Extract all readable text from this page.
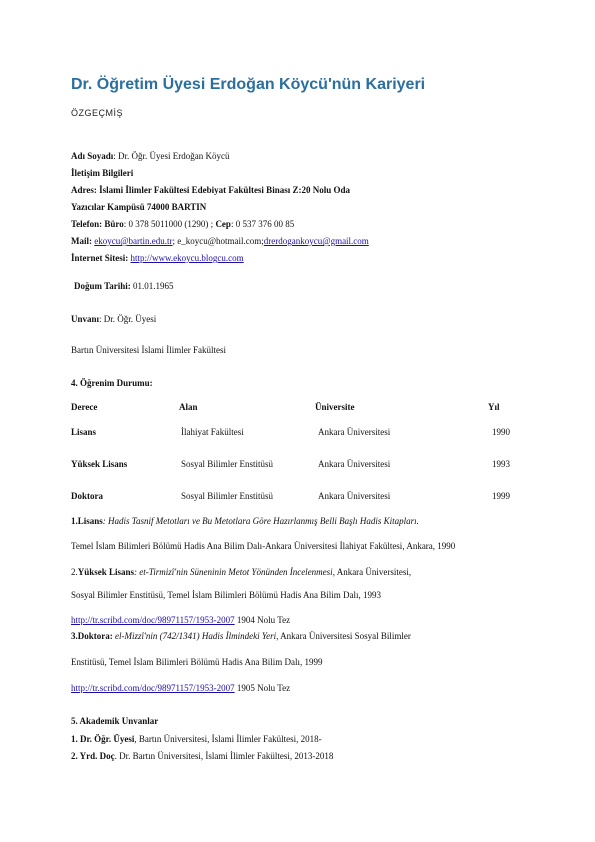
Dr. Öğretim Üyesi Erdoğan Köycü'nün Kariyeri
ÖZGEÇMİŞ
Adı Soyadı: Dr. Öğr. Üyesi Erdoğan Köycü
İletişim Bilgileri
Adres: İslami İlimler Fakültesi Edebiyat Fakültesi Binası Z:20 Nolu Oda
Yazıcılar Kampüsü 74000 BARTIN
Telefon: Büro: 0 378 5011000 (1290) ; Cep: 0 537 376 00 85
Mail: ekoycu@bartin.edu.tr; e_koycu@hotmail.com;drerdogankoycu@gmail.com
İnternet Sitesi: http://www.ekoycu.blogcu.com
Doğum Tarihi: 01.01.1965
Unvanı: Dr. Öğr. Üyesi
Bartın Üniversitesi İslami İlimler Fakültesi
4. Öğrenim Durumu:
Derece	Alan	Üniversite	Yıl
Lisans	İlahiyat Fakültesi	Ankara Üniversitesi	1990
Yüksek Lisans	Sosyal Bilimler Enstitüsü	Ankara Üniversitesi	1993
Doktora	Sosyal Bilimler Enstitüsü	Ankara Üniversitesi	1999
1.Lisans: Hadis Tasnif Metotları ve Bu Metotlara Göre Hazırlanmış Belli Başlı Hadis Kitapları.
Temel İslam Bilimleri Bölümü Hadis Ana Bilim Dalı-Ankara Üniversitesi İlahiyat Fakültesi, Ankara, 1990
2.Yüksek Lisans: et-Tirmizî'nin Süneninin Metot Yönünden İncelenmesi, Ankara Üniversitesi,
Sosyal Bilimler Enstitüsü, Temel İslam Bilimleri Bölümü Hadis Ana Bilim Dalı, 1993
http://tr.scribd.com/doc/98971157/1953-2007 1904 Nolu Tez
3.Doktora: el-Mizzî'nin (742/1341) Hadis İlmindeki Yeri, Ankara Üniversitesi Sosyal Bilimler
Enstitüsü, Temel İslam Bilimleri Bölümü Hadis Ana Bilim Dalı, 1999
http://tr.scribd.com/doc/98971157/1953-2007 1905 Nolu Tez
5. Akademik Unvanlar
1. Dr. Öğr. Üyesi, Bartın Üniversitesi, İslami İlimler Fakültesi, 2018-
2. Yrd. Doç. Dr. Bartın Üniversitesi, İslami İlimler Fakültesi, 2013-2018
